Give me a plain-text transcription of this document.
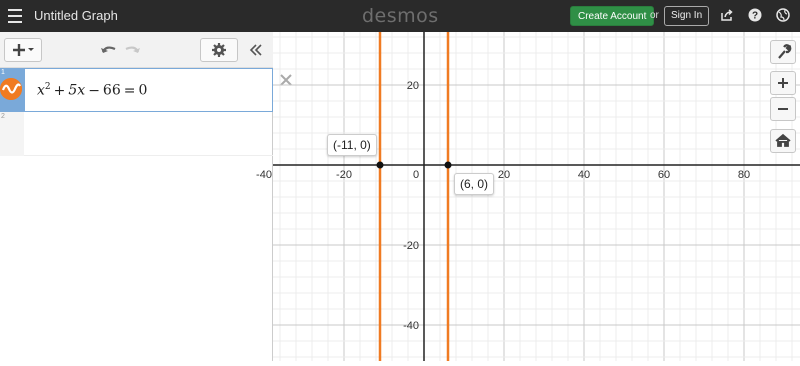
Untitled Graph	desmos	Create Account or	Sign In	?
1
$x^2 + 5x - 66 = 0$
2
-40	-20	0	20	40	60	80
20
-20
-40
(-11, 0)
(6, 0)
